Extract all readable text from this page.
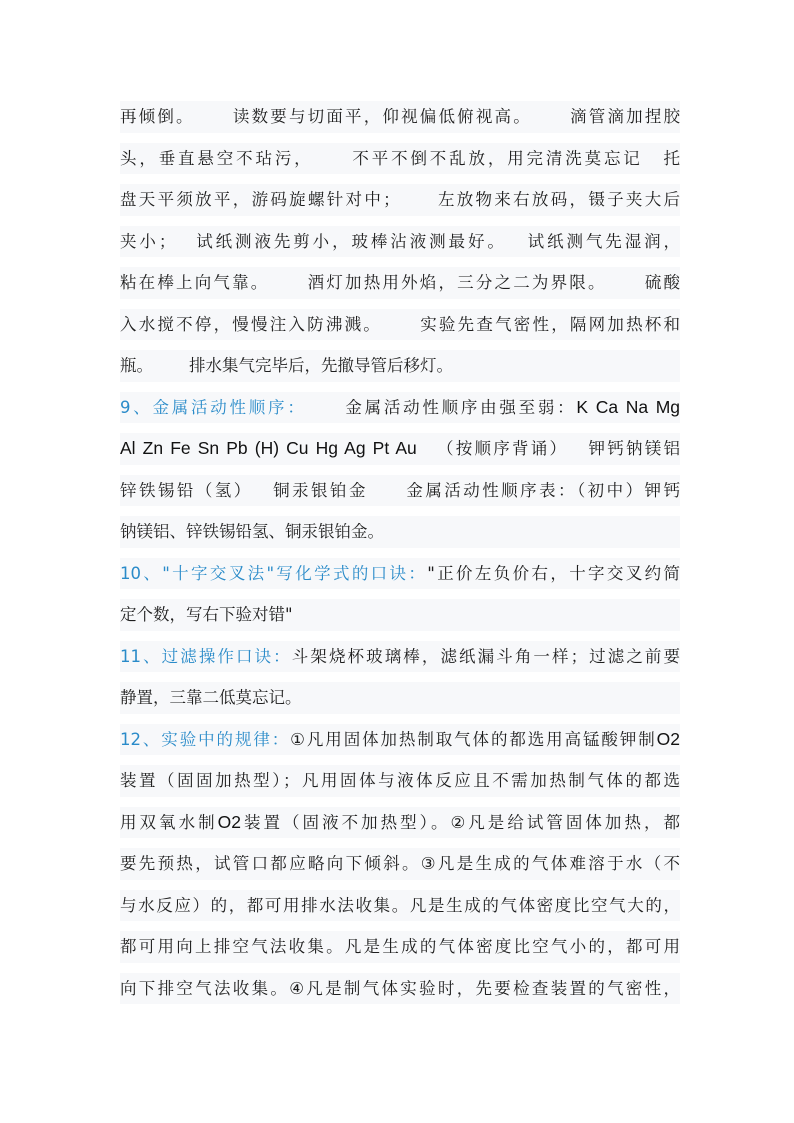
再倾倒。 读数要与切面平，仰视偏低俯视高。 滴管滴加捏胶
头，垂直悬空不玷污， 不平不倒不乱放，用完清洗莫忘记 托
盘天平须放平，游码旋螺针对中； 左放物来右放码，镊子夹大后
夹小； 试纸测液先剪小，玻棒沾液测最好。 试纸测气先湿润，
粘在棒上向气靠。 酒灯加热用外焰，三分之二为界限。 硫酸
入水搅不停，慢慢注入防沸溅。 实验先查气密性，隔网加热杯和
瓶。 排水集气完毕后，先撤导管后移灯。
9、金属活动性顺序： 金属活动性顺序由强至弱：K Ca Na Mg
Al Zn Fe Sn Pb (H) Cu Hg Ag Pt Au （按顺序背诵） 钾钙钠镁铝
锌铁锡铅（氢） 铜汞银铂金 金属活动性顺序表：（初中）钾钙
钠镁铝、锌铁锡铅氢、铜汞银铂金。
10、"十字交叉法"写化学式的口诀："正价左负价右，十字交叉约简
定个数，写右下验对错"
11、过滤操作口诀：斗架烧杯玻璃棒，滤纸漏斗角一样；过滤之前要
静置，三靠二低莫忘记。
12、实验中的规律：①凡用固体加热制取气体的都选用高锰酸钾制O2
装置（固固加热型）；凡用固体与液体反应且不需加热制气体的都选
用双氧水制O2装置（固液不加热型）。②凡是给试管固体加热，都
要先预热，试管口都应略向下倾斜。③凡是生成的气体难溶于水（不
与水反应）的，都可用排水法收集。凡是生成的气体密度比空气大的，
都可用向上排空气法收集。凡是生成的气体密度比空气小的，都可用
向下排空气法收集。④凡是制气体实验时，先要检查装置的气密性，
